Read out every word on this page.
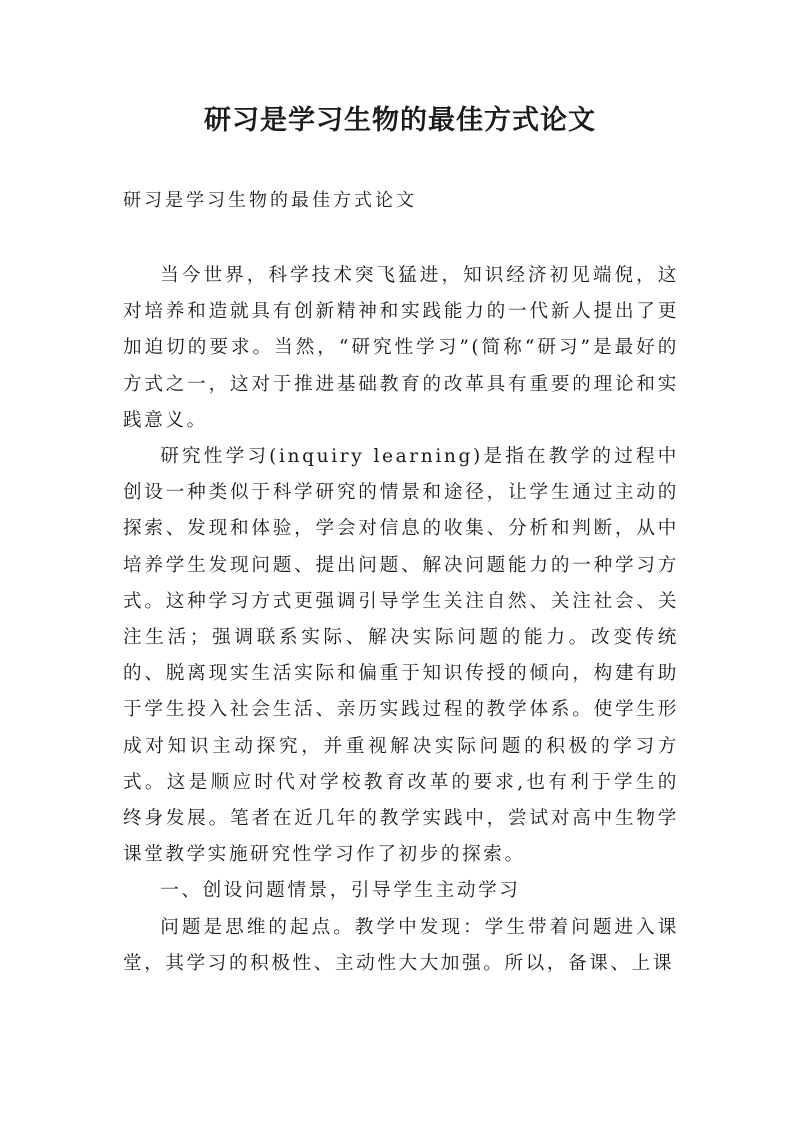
研习是学习生物的最佳方式论文

研习是学习生物的最佳方式论文

当今世界，科学技术突飞猛进，知识经济初见端倪，这对培养和造就具有创新精神和实践能力的一代新人提出了更加迫切的要求。当然，“研究性学习”(简称“研习”是最好的方式之一，这对于推进基础教育的改革具有重要的理论和实践意义。

研究性学习(inquiry learning)是指在教学的过程中创设一种类似于科学研究的情景和途径，让学生通过主动的探索、发现和体验，学会对信息的收集、分析和判断，从中培养学生发现问题、提出问题、解决问题能力的一种学习方式。这种学习方式更强调引导学生关注自然、关注社会、关注生活；强调联系实际、解决实际问题的能力。改变传统的、脱离现实生活实际和偏重于知识传授的倾向，构建有助于学生投入社会生活、亲历实践过程的教学体系。使学生形成对知识主动探究，并重视解决实际问题的积极的学习方式。这是顺应时代对学校教育改革的要求,也有利于学生的终身发展。笔者在近几年的教学实践中，尝试对高中生物学课堂教学实施研究性学习作了初步的探索。

一、创设问题情景，引导学生主动学习

问题是思维的起点。教学中发现：学生带着问题进入课堂，其学习的积极性、主动性大大加强。所以，备课、上课
